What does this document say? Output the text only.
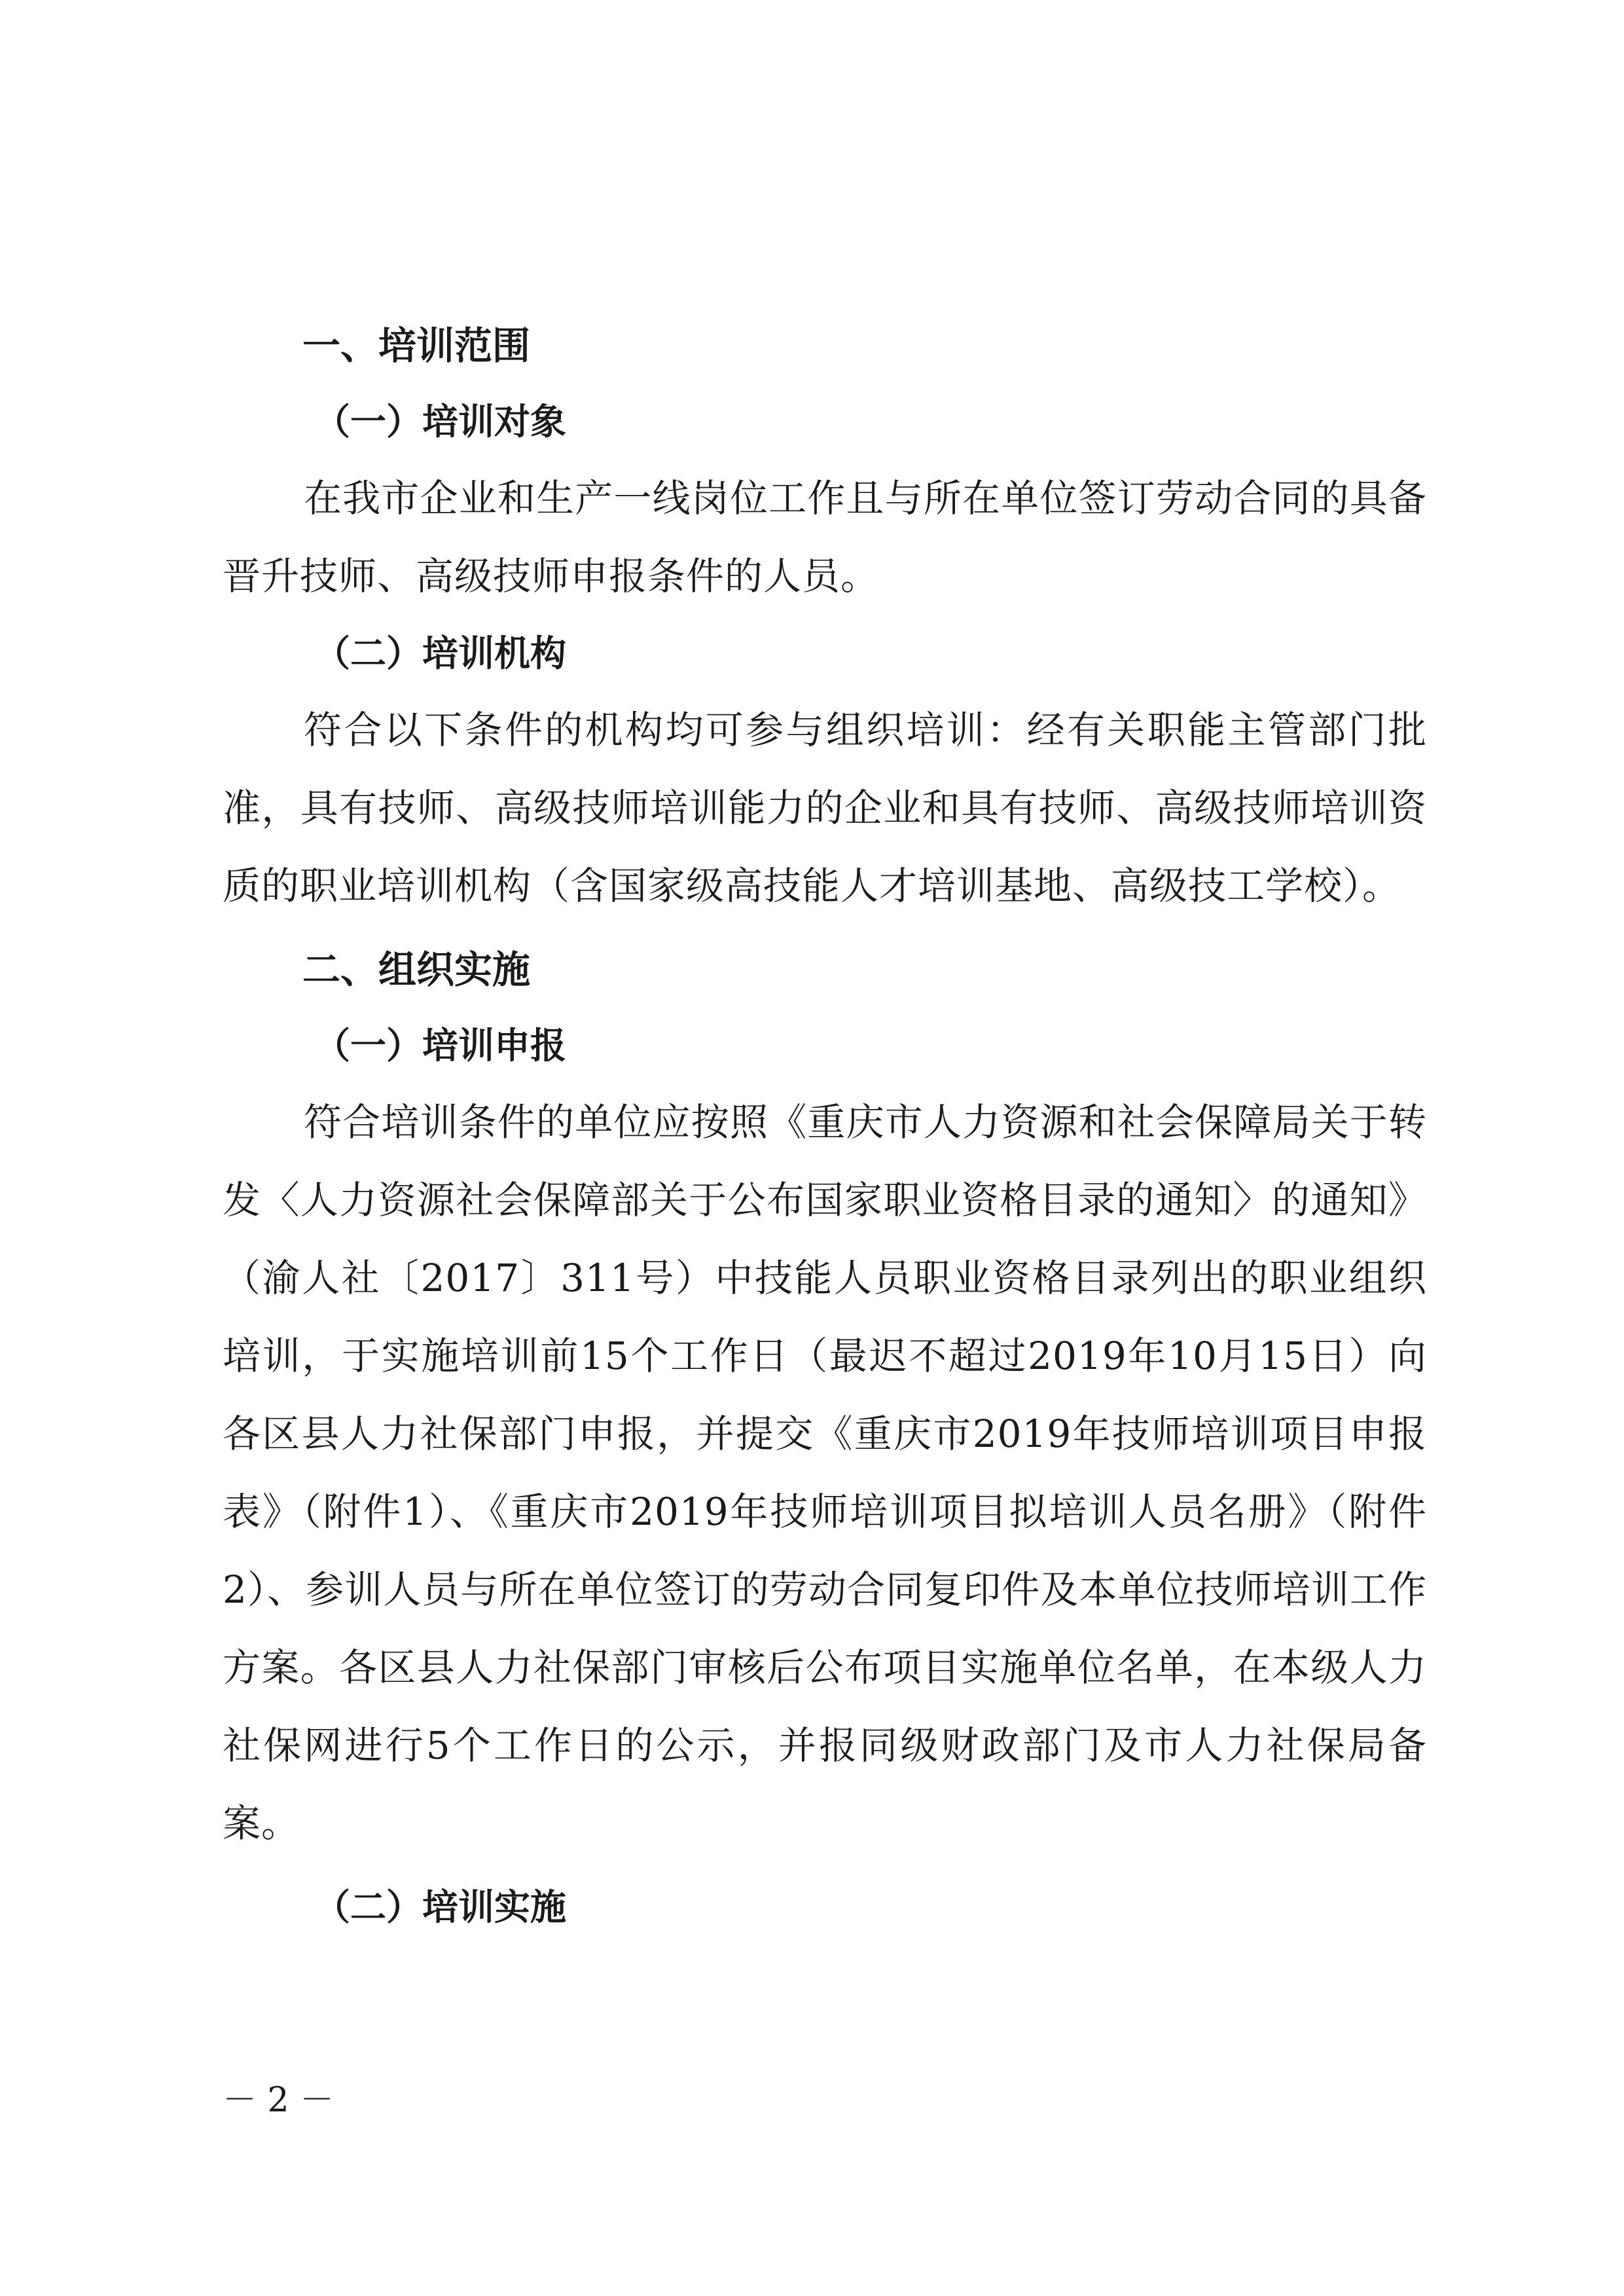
一、培训范围
（一）培训对象

在我市企业和生产一线岗位工作且与所在单位签订劳动合同的具备晋升技师、高级技师申报条件的人员。

（二）培训机构

符合以下条件的机构均可参与组织培训：经有关职能主管部门批准，具有技师、高级技师培训能力的企业和具有技师、高级技师培训资质的职业培训机构（含国家级高技能人才培训基地、高级技工学校）。

二、组织实施
（一）培训申报

符合培训条件的单位应按照《重庆市人力资源和社会保障局关于转发〈人力资源社会保障部关于公布国家职业资格目录的通知〉的通知》（渝人社〔2017〕311号）中技能人员职业资格目录列出的职业组织培训，于实施培训前15个工作日（最迟不超过2019年10月15日）向各区县人力社保部门申报，并提交《重庆市2019年技师培训项目申报表》（附件1）、《重庆市2019年技师培训项目拟培训人员名册》（附件2）、参训人员与所在单位签订的劳动合同复印件及本单位技师培训工作方案。各区县人力社保部门审核后公布项目实施单位名单，在本级人力社保网进行5个工作日的公示，并报同级财政部门及市人力社保局备案。

（二）培训实施
－ 2 －
